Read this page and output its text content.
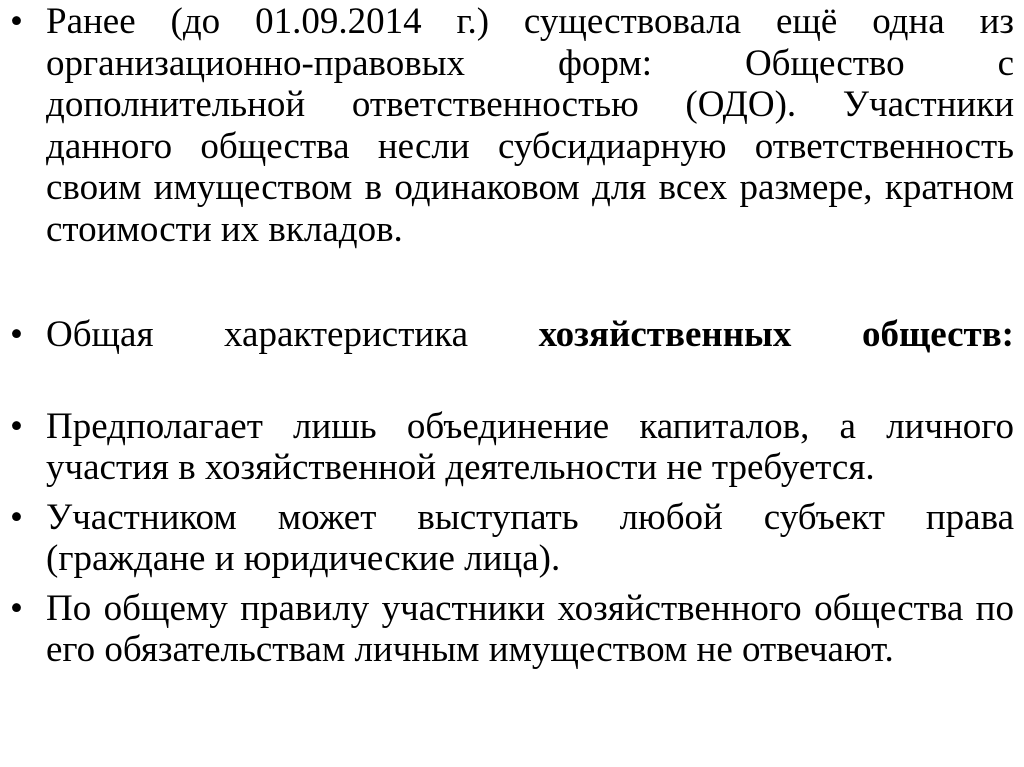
• Ранее (до 01.09.2014 г.) существовала ещё одна из организационно-правовых форм: Общество с дополнительной ответственностью (ОДО). Участники данного общества несли субсидиарную ответственность своим имуществом в одинаковом для всех размере, кратном стоимости их вкладов.
• Общая характеристика хозяйственных обществ:
• Предполагает лишь объединение капиталов, а личного участия в хозяйственной деятельности не требуется.
• Участником может выступать любой субъект права (граждане и юридические лица).
• По общему правилу участники хозяйственного общества по его обязательствам личным имуществом не отвечают.
